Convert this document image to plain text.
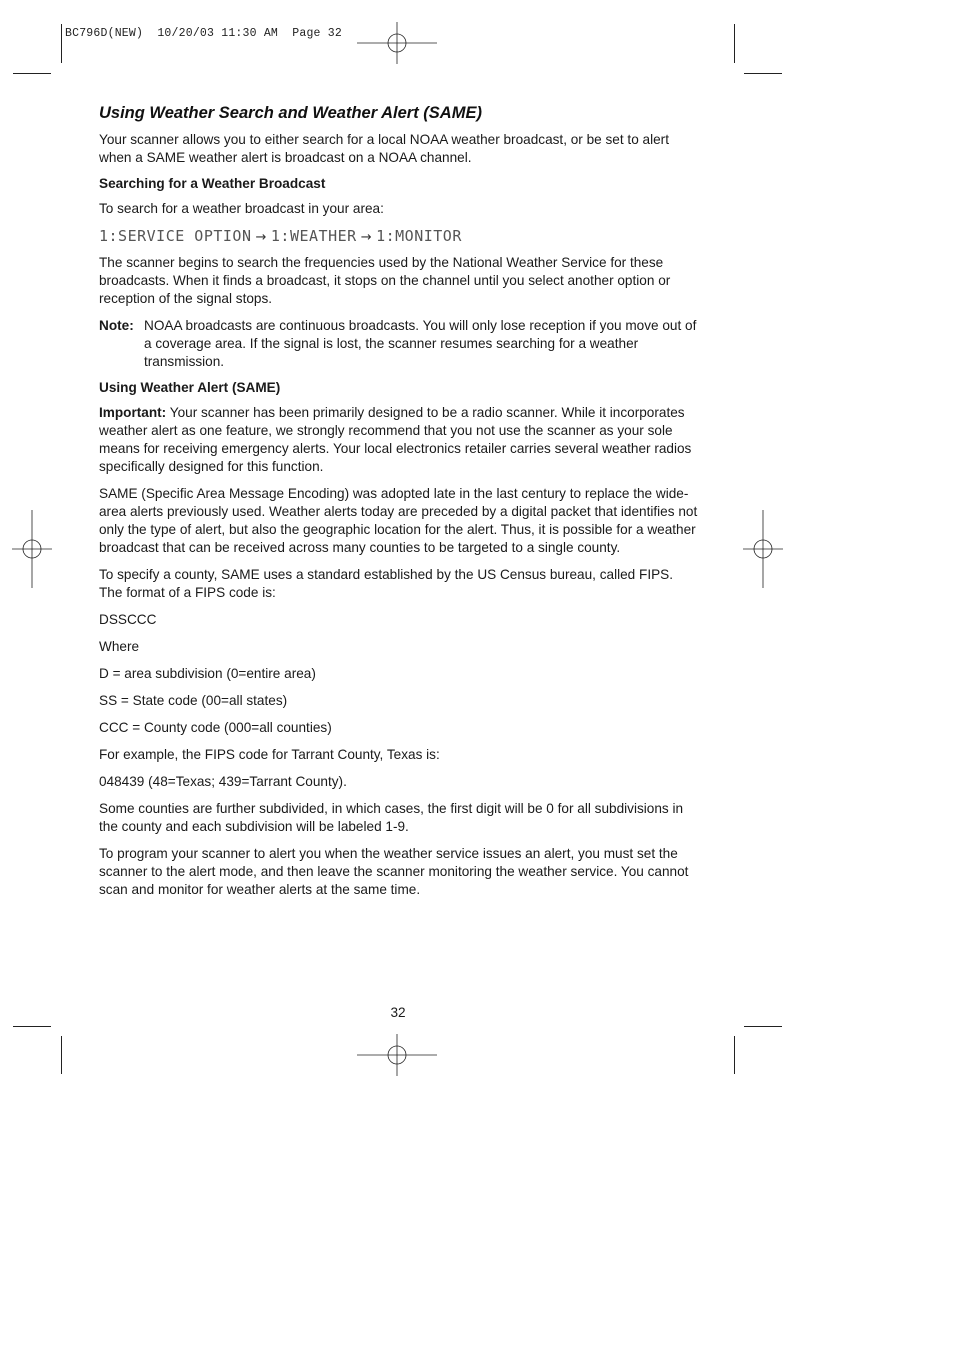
BC796D(NEW)  10/20/03 11:30 AM  Page 32
Using Weather Search and Weather Alert (SAME)

Your scanner allows you to either search for a local NOAA weather broadcast, or be set to alert when a SAME weather alert is broadcast on a NOAA channel.

Searching for a Weather Broadcast

To search for a weather broadcast in your area:

1:SERVICE OPTION → 1:WEATHER → 1:MONITOR

The scanner begins to search the frequencies used by the National Weather Service for these broadcasts. When it finds a broadcast, it stops on the channel until you select another option or reception of the signal stops.

Note: NOAA broadcasts are continuous broadcasts. You will only lose reception if you move out of a coverage area. If the signal is lost, the scanner resumes searching for a weather transmission.
Using Weather Alert (SAME)

Important: Your scanner has been primarily designed to be a radio scanner. While it incorporates weather alert as one feature, we strongly recommend that you not use the scanner as your sole means for receiving emergency alerts. Your local electronics retailer carries several weather radios specifically designed for this function.

SAME (Specific Area Message Encoding) was adopted late in the last century to replace the wide-area alerts previously used. Weather alerts today are preceded by a digital packet that identifies not only the type of alert, but also the geographic location for the alert. Thus, it is possible for a weather broadcast that can be received across many counties to be targeted to a single county.

To specify a county, SAME uses a standard established by the US Census bureau, called FIPS. The format of a FIPS code is:

DSSCCC

Where

D = area subdivision (0=entire area)

SS = State code (00=all states)

CCC = County code (000=all counties)

For example, the FIPS code for Tarrant County, Texas is:

048439 (48=Texas; 439=Tarrant County).

Some counties are further subdivided, in which cases, the first digit will be 0 for all subdivisions in the county and each subdivision will be labeled 1-9.

To program your scanner to alert you when the weather service issues an alert, you must set the scanner to the alert mode, and then leave the scanner monitoring the weather service. You cannot scan and monitor for weather alerts at the same time.

32
